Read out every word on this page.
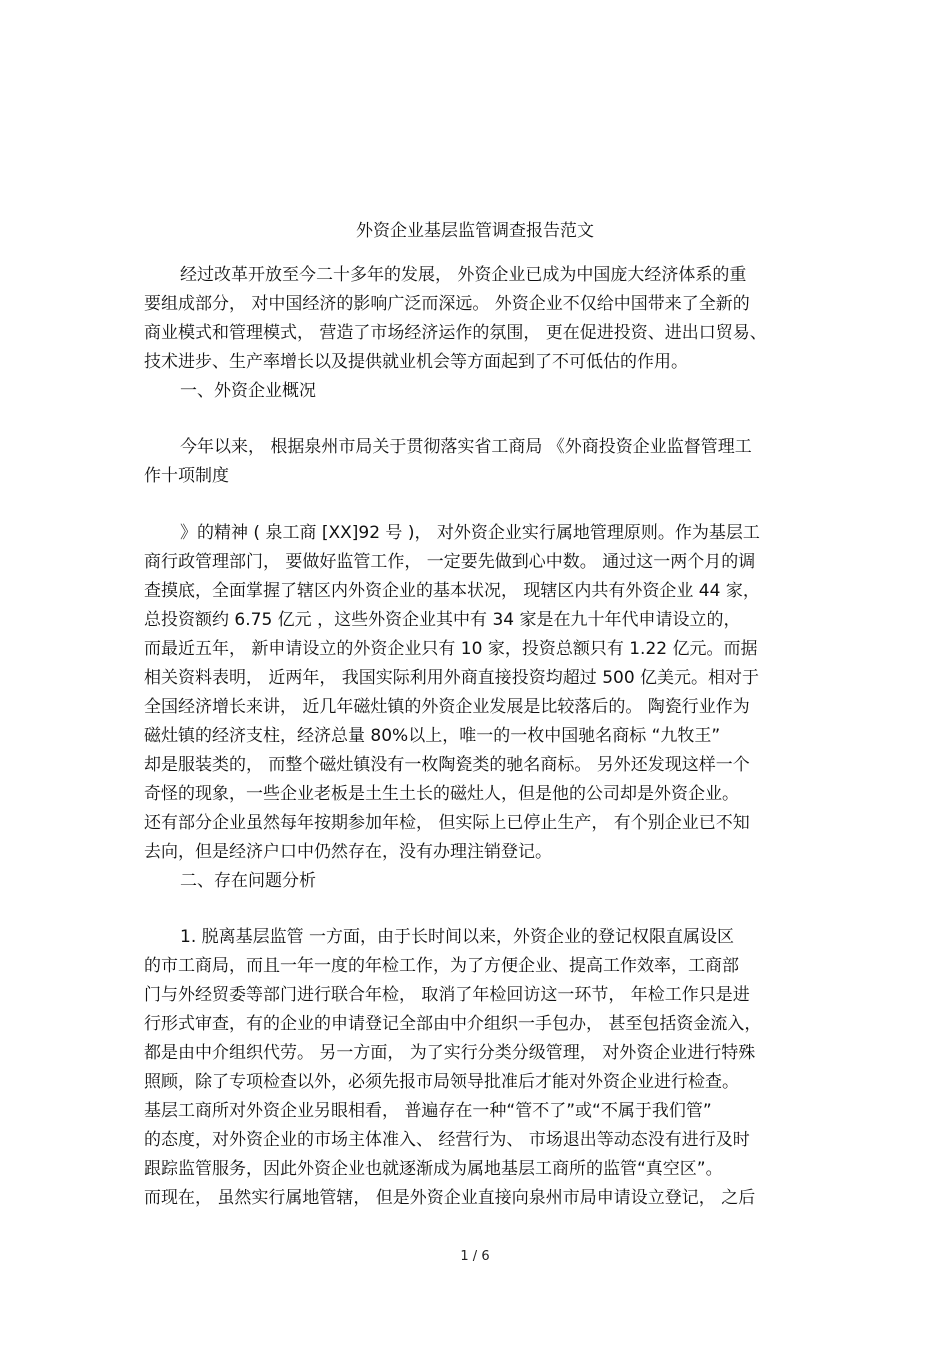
外资企业基层监管调查报告范文
经过改革开放至今二十多年的发展， 外资企业已成为中国庞大经济体系的重
要组成部分， 对中国经济的影响广泛而深远。 外资企业不仅给中国带来了全新的
商业模式和管理模式， 营造了市场经济运作的氛围， 更在促进投资、进出口贸易、
技术进步、生产率增长以及提供就业机会等方面起到了不可低估的作用。
一、外资企业概况
今年以来， 根据泉州市局关于贯彻落实省工商局 《外商投资企业监督管理工
作十项制度
》的精神 ( 泉工商 [XX]92 号 )， 对外资企业实行属地管理原则。作为基层工
商行政管理部门， 要做好监管工作， 一定要先做到心中数。 通过这一两个月的调
查摸底，全面掌握了辖区内外资企业的基本状况， 现辖区内共有外资企业 44 家，
总投资额约 6.75 亿元 ，这些外资企业其中有 34 家是在九十年代申请设立的，
而最近五年， 新申请设立的外资企业只有 10 家，投资总额只有 1.22 亿元。而据
相关资料表明， 近两年， 我国实际利用外商直接投资均超过 500 亿美元。相对于
全国经济增长来讲， 近几年磁灶镇的外资企业发展是比较落后的。 陶瓷行业作为
磁灶镇的经济支柱，经济总量 80%以上，唯一的一枚中国驰名商标 “九牧王”
却是服装类的， 而整个磁灶镇没有一枚陶瓷类的驰名商标。 另外还发现这样一个
奇怪的现象，一些企业老板是土生土长的磁灶人，但是他的公司却是外资企业。
还有部分企业虽然每年按期参加年检， 但实际上已停止生产， 有个别企业已不知
去向，但是经济户口中仍然存在，没有办理注销登记。
二、存在问题分析
1. 脱离基层监管 一方面，由于长时间以来，外资企业的登记权限直属设区
的市工商局，而且一年一度的年检工作，为了方便企业、提高工作效率，工商部
门与外经贸委等部门进行联合年检， 取消了年检回访这一环节， 年检工作只是进
行形式审查，有的企业的申请登记全部由中介组织一手包办， 甚至包括资金流入，
都是由中介组织代劳。 另一方面， 为了实行分类分级管理， 对外资企业进行特殊
照顾，除了专项检查以外，必须先报市局领导批准后才能对外资企业进行检查。
基层工商所对外资企业另眼相看， 普遍存在一种“管不了”或“不属于我们管”
的态度，对外资企业的市场主体准入、 经营行为、 市场退出等动态没有进行及时
跟踪监管服务，因此外资企业也就逐渐成为属地基层工商所的监管“真空区”。
而现在， 虽然实行属地管辖， 但是外资企业直接向泉州市局申请设立登记， 之后
1 / 6
